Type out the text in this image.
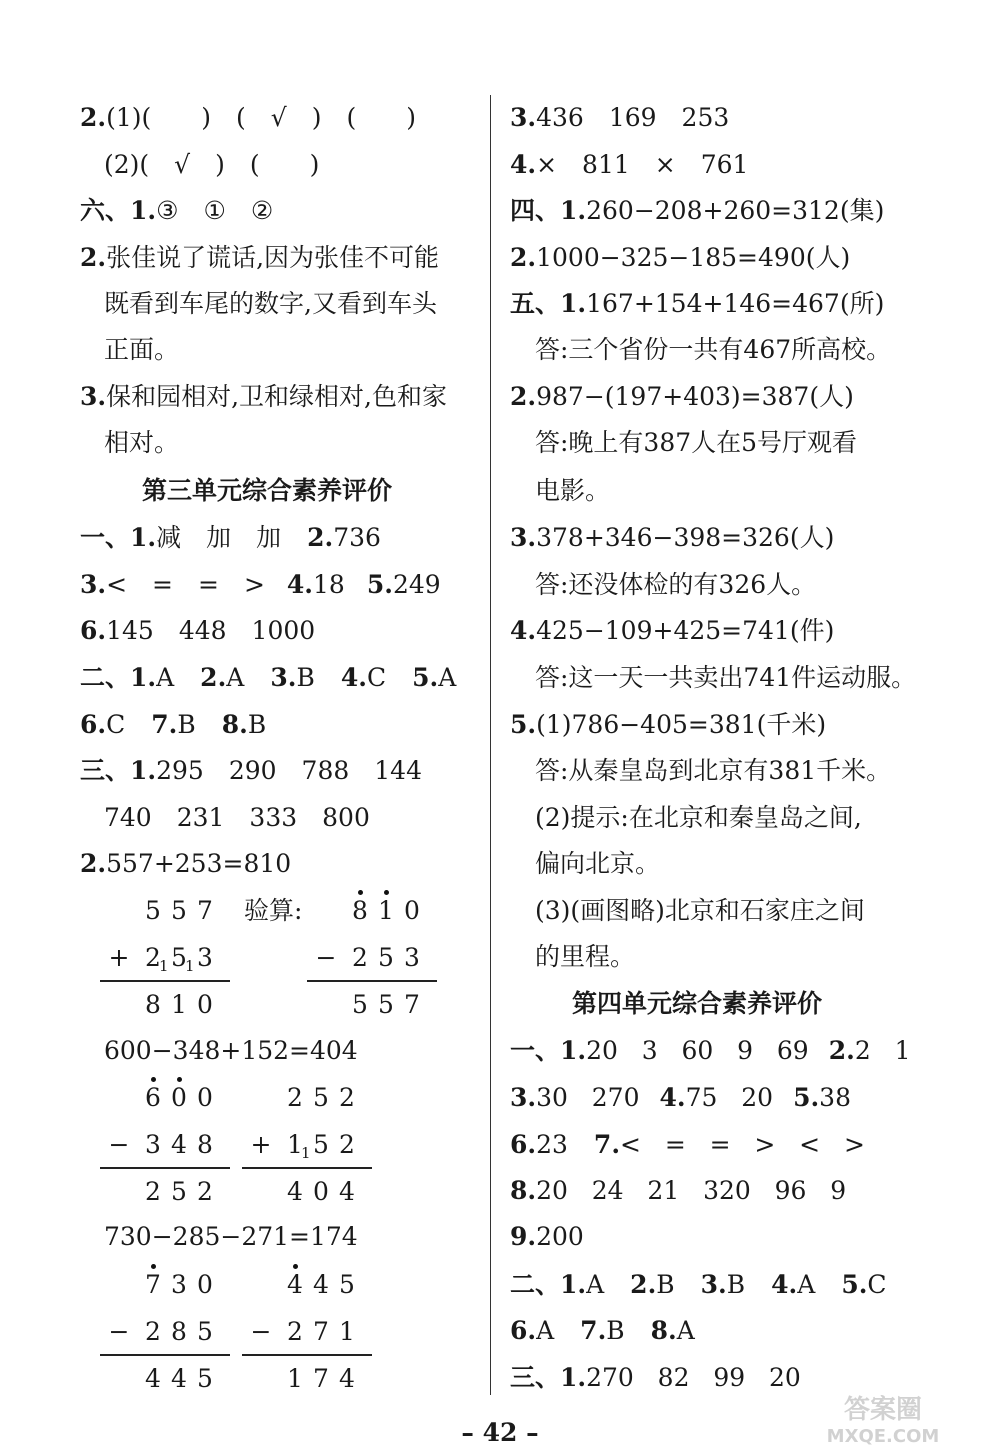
2.(1)(　　)　(　√　)　(　　)
(2)(　√　)　(　　)
六、1.③　①　②
2.张佳说了谎话,因为张佳不可能
既看到车尾的数字,又看到车头
正面。
3.保和园相对,卫和绿相对,色和家
相对。
第三单元综合素养评价
一、1.减　加　加 2.736
3.<　=　=　> 4.18 5.249
6.145　448　1000
二、1.A 2.A 3.B 4.C 5.A
6.C 7.B 8.B
三、1.295　290　788　144
740　231　333　800
2.557+253=810
验算:
600−348+152=404
730−285−271=174
5 5 7
+ 2 5 3
1 1
8 1 0
8 1 0
− 2 5 3
5 5 7
6 0 0
− 3 4 8
2 5 2
2 5 2
+ 1 5 2
1
4 0 4
7 3 0
− 2 8 5
4 4 5
4 4 5
− 2 7 1
1 7 4
3.436　169　253
4.×　811　×　761
四、1.260−208+260=312(集)
2.1000−325−185=490(人)
五、1.167+154+146=467(所)
答:三个省份一共有467所高校。
2.987−(197+403)=387(人)
答:晚上有387人在5号厅观看
电影。
3.378+346−398=326(人)
答:还没体检的有326人。
4.425−109+425=741(件)
答:这一天一共卖出741件运动服。
5.(1)786−405=381(千米)
答:从秦皇岛到北京有381千米。
(2)提示:在北京和秦皇岛之间,
偏向北京。
(3)(画图略)北京和石家庄之间
的里程。
第四单元综合素养评价
一、1.20   3   60   9   69 2.2   1
3.30   270 4.75   20 5.38
6.23 7.<   =   =   >   <   >
8.20   24   21   320   96   9
9.200
二、1.A 2.B 3.B 4.A 5.C
6.A 7.B 8.A
三、1.270   82   99   20
– 42 –
答案圈
MXQE.COM
